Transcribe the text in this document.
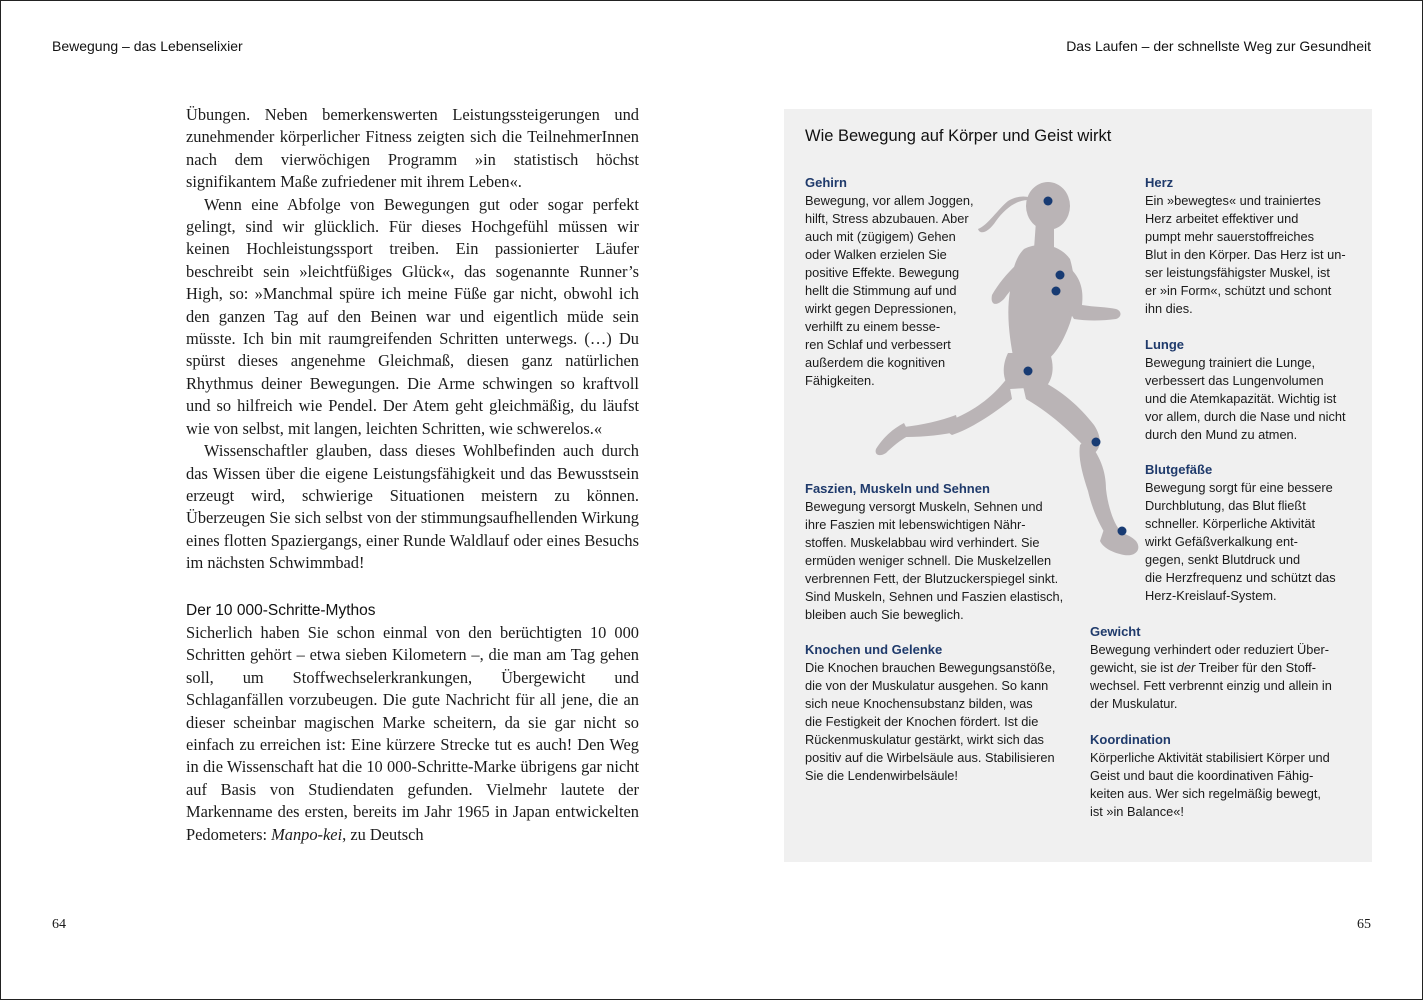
Bewegung – das Lebenselixier	Das Laufen – der schnellste Weg zur Gesundheit

Übungen. Neben bemerkenswerten Leistungssteigerungen und zunehmender körperlicher Fitness zeigten sich die TeilnehmerInnen nach dem vierwöchigen Programm »in statistisch höchst signifikantem Maße zufriedener mit ihrem Leben«.

Wenn eine Abfolge von Bewegungen gut oder sogar perfekt gelingt, sind wir glücklich. Für dieses Hochgefühl müssen wir keinen Hochleistungssport treiben. Ein passionierter Läufer beschreibt sein »leichtfüßiges Glück«, das sogenannte Runner’s High, so: »Manchmal spüre ich meine Füße gar nicht, obwohl ich den ganzen Tag auf den Beinen war und eigentlich müde sein müsste. Ich bin mit raumgreifenden Schritten unterwegs. (…) Du spürst dieses angenehme Gleichmaß, diesen ganz natürlichen Rhythmus deiner Bewegungen. Die Arme schwingen so kraftvoll und so hilfreich wie Pendel. Der Atem geht gleichmäßig, du läufst wie von selbst, mit langen, leichten Schritten, wie schwerelos.«

Wissenschaftler glauben, dass dieses Wohlbefinden auch durch das Wissen über die eigene Leistungsfähigkeit und das Bewusstsein erzeugt wird, schwierige Situationen meistern zu können. Überzeugen Sie sich selbst von der stimmungsaufhellenden Wirkung eines flotten Spaziergangs, einer Runde Waldlauf oder eines Besuchs im nächsten Schwimmbad!

Der 10 000-Schritte-Mythos

Sicherlich haben Sie schon einmal von den berüchtigten 10 000 Schritten gehört – etwa sieben Kilometern –, die man am Tag gehen soll, um Stoffwechselerkrankungen, Übergewicht und Schlaganfällen vorzubeugen. Die gute Nachricht für all jene, die an dieser scheinbar magischen Marke scheitern, da sie gar nicht so einfach zu erreichen ist: Eine kürzere Strecke tut es auch! Den Weg in die Wissenschaft hat die 10 000-Schritte-Marke übrigens gar nicht auf Basis von Studiendaten gefunden. Vielmehr lautete der Markenname des ersten, bereits im Jahr 1965 in Japan entwickelten Pedometers: Manpo-kei, zu Deutsch

Wie Bewegung auf Körper und Geist wirkt
Gehirn
Bewegung, vor allem Joggen,
hilft, Stress abzubauen. Aber
auch mit (zügigem) Gehen
oder Walken erzielen Sie
positive Effekte. Bewegung
hellt die Stimmung auf und
wirkt gegen Depressionen,
verhilft zu einem besse-
ren Schlaf und verbessert
außerdem die kognitiven
Fähigkeiten.
Herz
Ein »bewegtes« und trainiertes
Herz arbeitet effektiver und
pumpt mehr sauerstoffreiches
Blut in den Körper. Das Herz ist un-
ser leistungsfähigster Muskel, ist
er »in Form«, schützt und schont
ihn dies.
Lunge
Bewegung trainiert die Lunge,
verbessert das Lungenvolumen
und die Atemkapazität. Wichtig ist
vor allem, durch die Nase und nicht
durch den Mund zu atmen.
Blutgefäße
Bewegung sorgt für eine bessere
Durchblutung, das Blut fließt
schneller. Körperliche Aktivität
wirkt Gefäßverkalkung ent-
gegen, senkt Blutdruck und
die Herzfrequenz und schützt das
Herz-Kreislauf-System.
Faszien, Muskeln und Sehnen
Bewegung versorgt Muskeln, Sehnen und
ihre Faszien mit lebenswichtigen Nähr-
stoffen. Muskelabbau wird verhindert. Sie
ermüden weniger schnell. Die Muskelzellen
verbrennen Fett, der Blutzuckerspiegel sinkt.
Sind Muskeln, Sehnen und Faszien elastisch,
bleiben auch Sie beweglich.
Knochen und Gelenke
Die Knochen brauchen Bewegungsanstöße,
die von der Muskulatur ausgehen. So kann
sich neue Knochensubstanz bilden, was
die Festigkeit der Knochen fördert. Ist die
Rückenmuskulatur gestärkt, wirkt sich das
positiv auf die Wirbelsäule aus. Stabilisieren
Sie die Lendenwirbelsäule!
Gewicht
Bewegung verhindert oder reduziert Über-
gewicht, sie ist der Treiber für den Stoff-
wechsel. Fett verbrennt einzig und allein in
der Muskulatur.
Koordination
Körperliche Aktivität stabilisiert Körper und
Geist und baut die koordinativen Fähig-
keiten aus. Wer sich regelmäßig bewegt,
ist »in Balance«!
64	65
